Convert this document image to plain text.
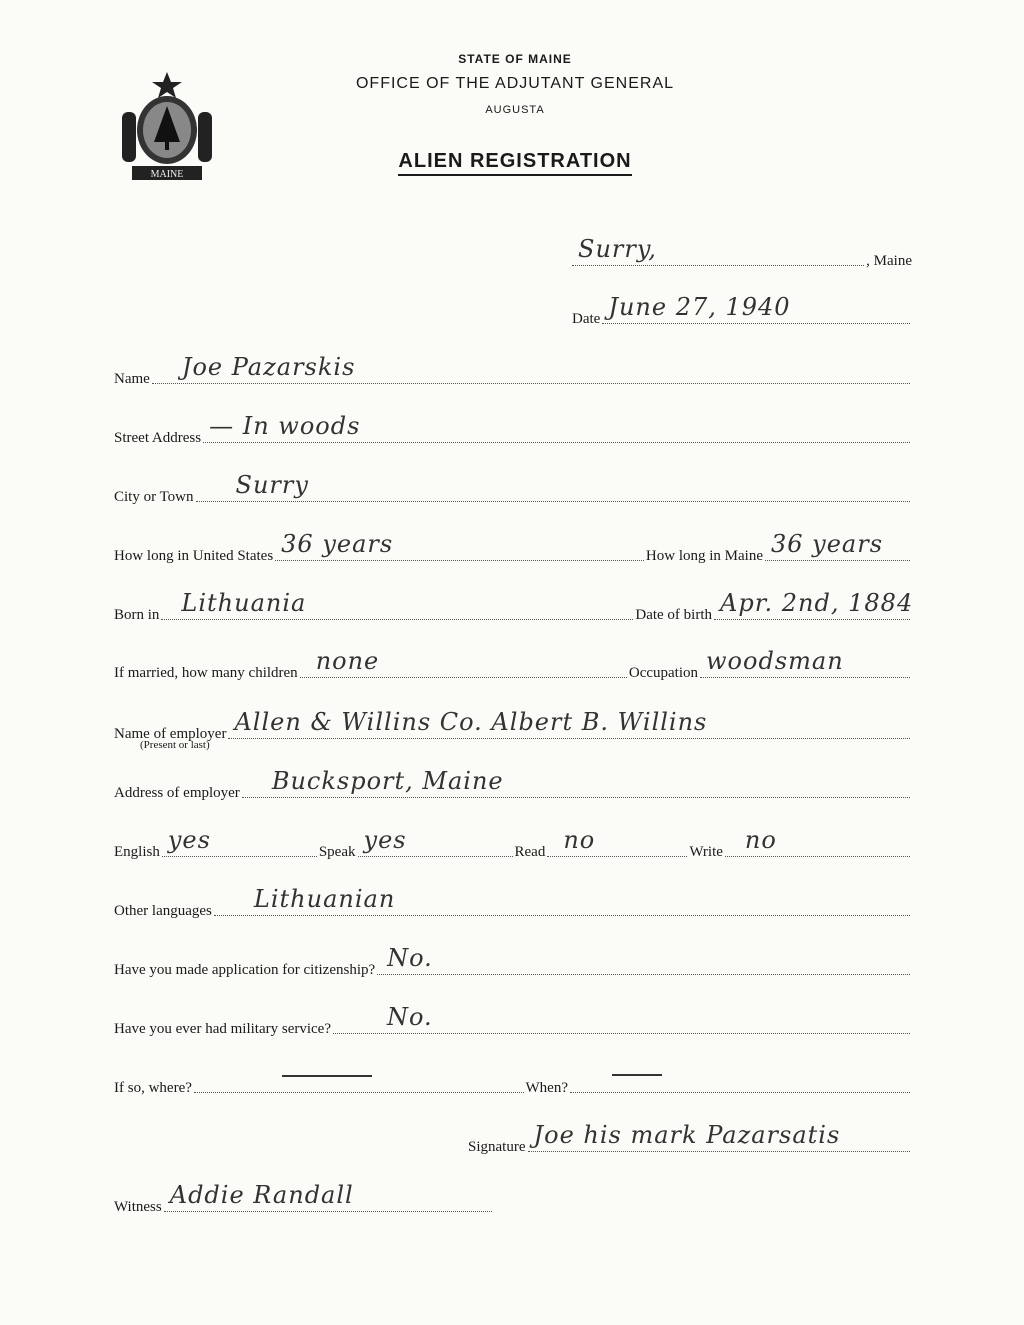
MAINE
STATE OF MAINE
OFFICE OF THE ADJUTANT GENERAL
AUGUSTA
ALIEN REGISTRATION
Surry,	, Maine
Date June 27, 1940
Name Joe Pazarskis
Street Address — In woods
City or Town Surry
How long in United States 36 years	How long in Maine 36 years
Born in Lithuania	Date of birth Apr. 2nd, 1884
If married, how many children none	Occupation woodsman
Name of employer Allen & Willins Co. Albert B. Willins
(Present or last)
Address of employer Bucksport, Maine
English yes	Speak yes	Read no	Write no
Other languages Lithuanian
Have you made application for citizenship? No.
Have you ever had military service? No.
If so, where?	When?
Signature Joe his mark Pazarsatis
Witness Addie Randall
